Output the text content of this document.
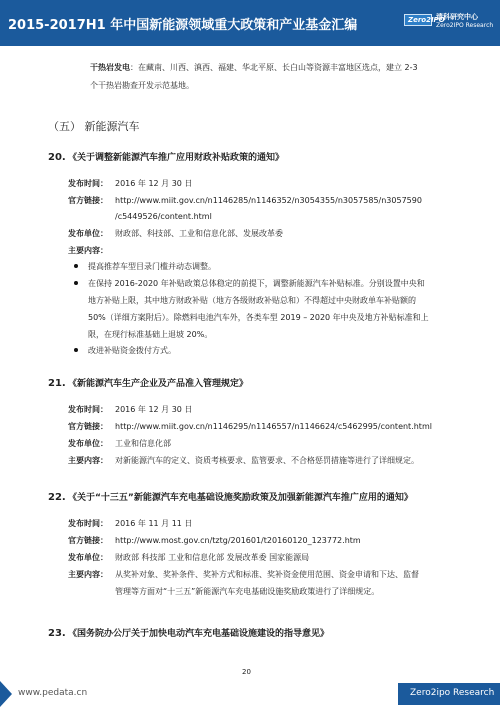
2015-2017H1 年中国新能源领域重大政策和产业基金汇编	Zero2IPO
清科研究中心
Zero2IPO Research
干热岩发电：在藏南、川西、滇西、福建、华北平原、长白山等资源丰富地区选点，建立 2-3
个干热岩勘查开发示范基地。
（五） 新能源汽车
20. 《关于调整新能源汽车推广应用财政补贴政策的通知》
发布时间： 2016 年 12 月 30 日
官方链接： http://www.miit.gov.cn/n1146285/n1146352/n3054355/n3057585/n3057590
/c5449526/content.html
发布单位： 财政部、科技部、工业和信息化部、发展改革委
主要内容：
提高推荐车型目录门槛并动态调整。
在保持 2016-2020 年补贴政策总体稳定的前提下，调整新能源汽车补贴标准。分别设置中央和
地方补贴上限，其中地方财政补贴（地方各级财政补贴总和）不得超过中央财政单车补贴额的
50%（详细方案附后）。除燃料电池汽车外，各类车型 2019 – 2020 年中央及地方补贴标准和上
限，在现行标准基础上退坡 20%。
改进补贴资金拨付方式。
21. 《新能源汽车生产企业及产品准入管理规定》
发布时间： 2016 年 12 月 30 日
官方链接： http://www.miit.gov.cn/n1146295/n1146557/n1146624/c5462995/content.html
发布单位： 工业和信息化部
主要内容： 对新能源汽车的定义、资质考核要求、监管要求、不合格惩罚措施等进行了详细规定。
22. 《关于“十三五”新能源汽车充电基础设施奖励政策及加强新能源汽车推广应用的通知》
发布时间： 2016 年 11 月 11 日
官方链接： http://www.most.gov.cn/tztg/201601/t20160120_123772.htm
发布单位： 财政部 科技部 工业和信息化部 发展改革委 国家能源局
主要内容： 从奖补对象、奖补条件、奖补方式和标准、奖补资金使用范围、资金申请和下达、监督
管理等方面对“十三五”新能源汽车充电基础设施奖励政策进行了详细规定。
23. 《国务院办公厅关于加快电动汽车充电基础设施建设的指导意见》
20
www.pedata.cn	Zero2ipo Research
